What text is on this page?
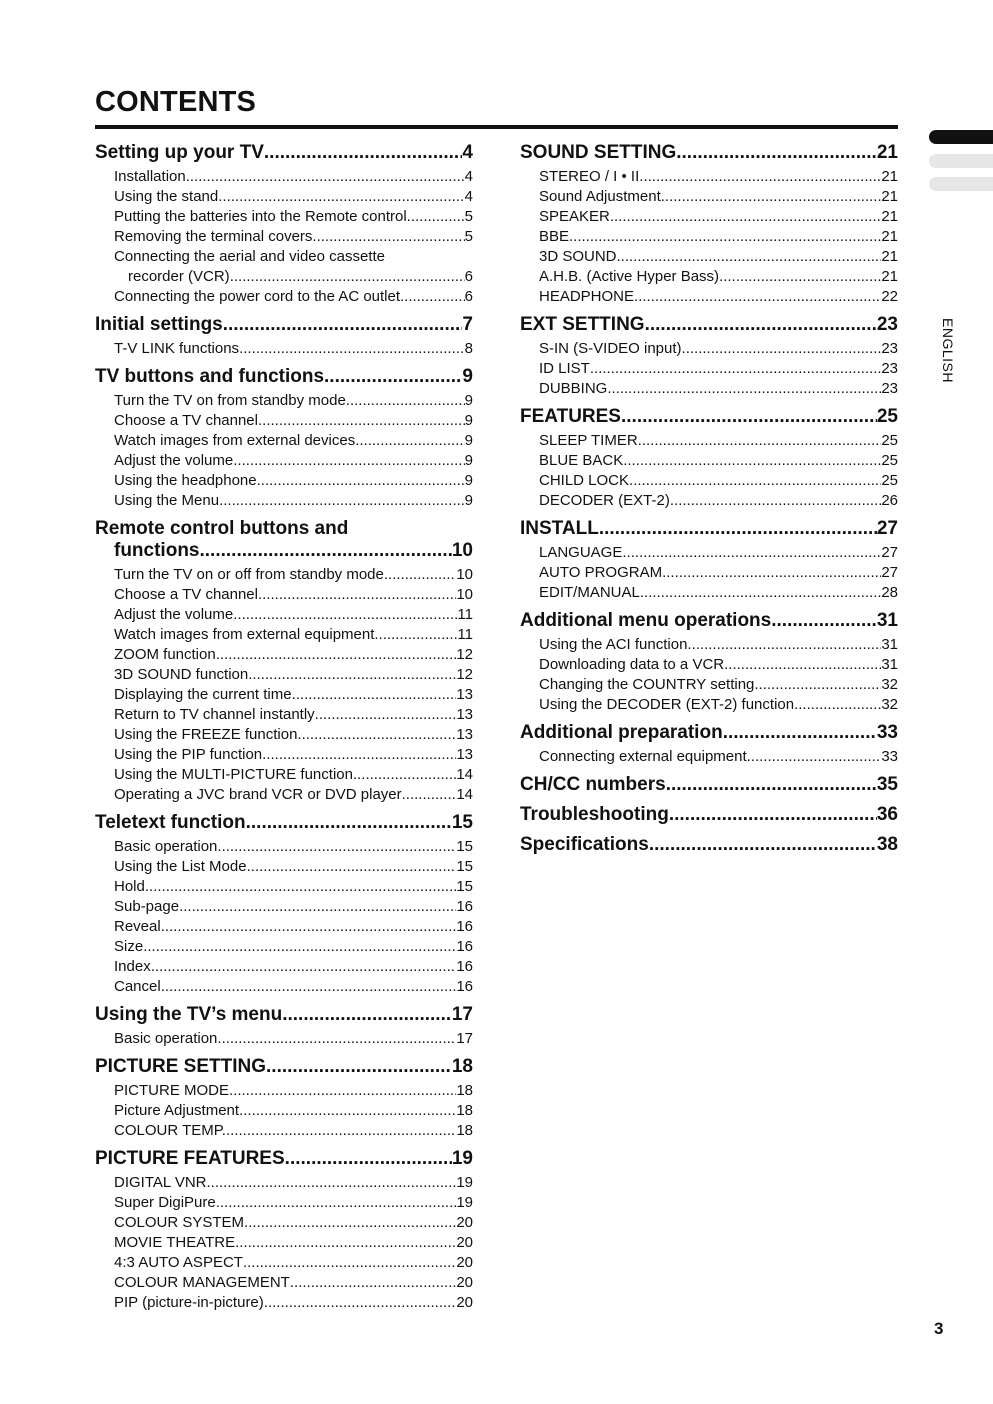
CONTENTS
ENGLISH
Setting up your TV .....	4
Installation .....	4
Using the stand .....	4
Putting the batteries into the Remote control .....	5
Removing the terminal covers .....	5
Connecting the aerial and video cassette
recorder (VCR) .....	6
Connecting the power cord to the AC outlet .....	6
Initial settings .....	7
T-V LINK functions .....	8
TV buttons and functions .....	9
Turn the TV on from standby mode .....	9
Choose a TV channel .....	9
Watch images from external devices .....	9
Adjust the volume .....	9
Using the headphone .....	9
Using the Menu .....	9
Remote control buttons and
functions .....	10
Turn the TV on or off from standby mode .....	10
Choose a TV channel .....	10
Adjust the volume .....	11
Watch images from external equipment .....	11
ZOOM function .....	12
3D SOUND function .....	12
Displaying the current time .....	13
Return to TV channel instantly .....	13
Using the FREEZE function .....	13
Using the PIP function .....	13
Using the MULTI-PICTURE function .....	14
Operating a JVC brand VCR or DVD player .....	14
Teletext function .....	15
Basic operation .....	15
Using the List Mode .....	15
Hold .....	15
Sub-page .....	16
Reveal .....	16
Size .....	16
Index .....	16
Cancel .....	16
Using the TV’s menu .....	17
Basic operation .....	17
PICTURE SETTING .....	18
PICTURE MODE .....	18
Picture Adjustment .....	18
COLOUR TEMP. .....	18
PICTURE FEATURES .....	19
DIGITAL VNR .....	19
Super DigiPure .....	19
COLOUR SYSTEM .....	20
MOVIE THEATRE .....	20
4:3 AUTO ASPECT .....	20
COLOUR MANAGEMENT .....	20
PIP (picture-in-picture) .....	20
SOUND SETTING .....	21
STEREO / I • II .....	21
Sound Adjustment .....	21
SPEAKER .....	21
BBE .....	21
3D SOUND .....	21
A.H.B. (Active Hyper Bass) .....	21
HEADPHONE .....	22
EXT SETTING .....	23
S-IN (S-VIDEO input) .....	23
ID LIST .....	23
DUBBING .....	23
FEATURES .....	25
SLEEP TIMER .....	25
BLUE BACK .....	25
CHILD LOCK .....	25
DECODER (EXT-2) .....	26
INSTALL .....	27
LANGUAGE .....	27
AUTO PROGRAM .....	27
EDIT/MANUAL .....	28
Additional menu operations .....	31
Using the ACI function .....	31
Downloading data to a VCR .....	31
Changing the COUNTRY setting .....	32
Using the DECODER (EXT-2) function .....	32
Additional preparation .....	33
Connecting external equipment .....	33
CH/CC numbers .....	35
Troubleshooting .....	36
Specifications .....	38
3
